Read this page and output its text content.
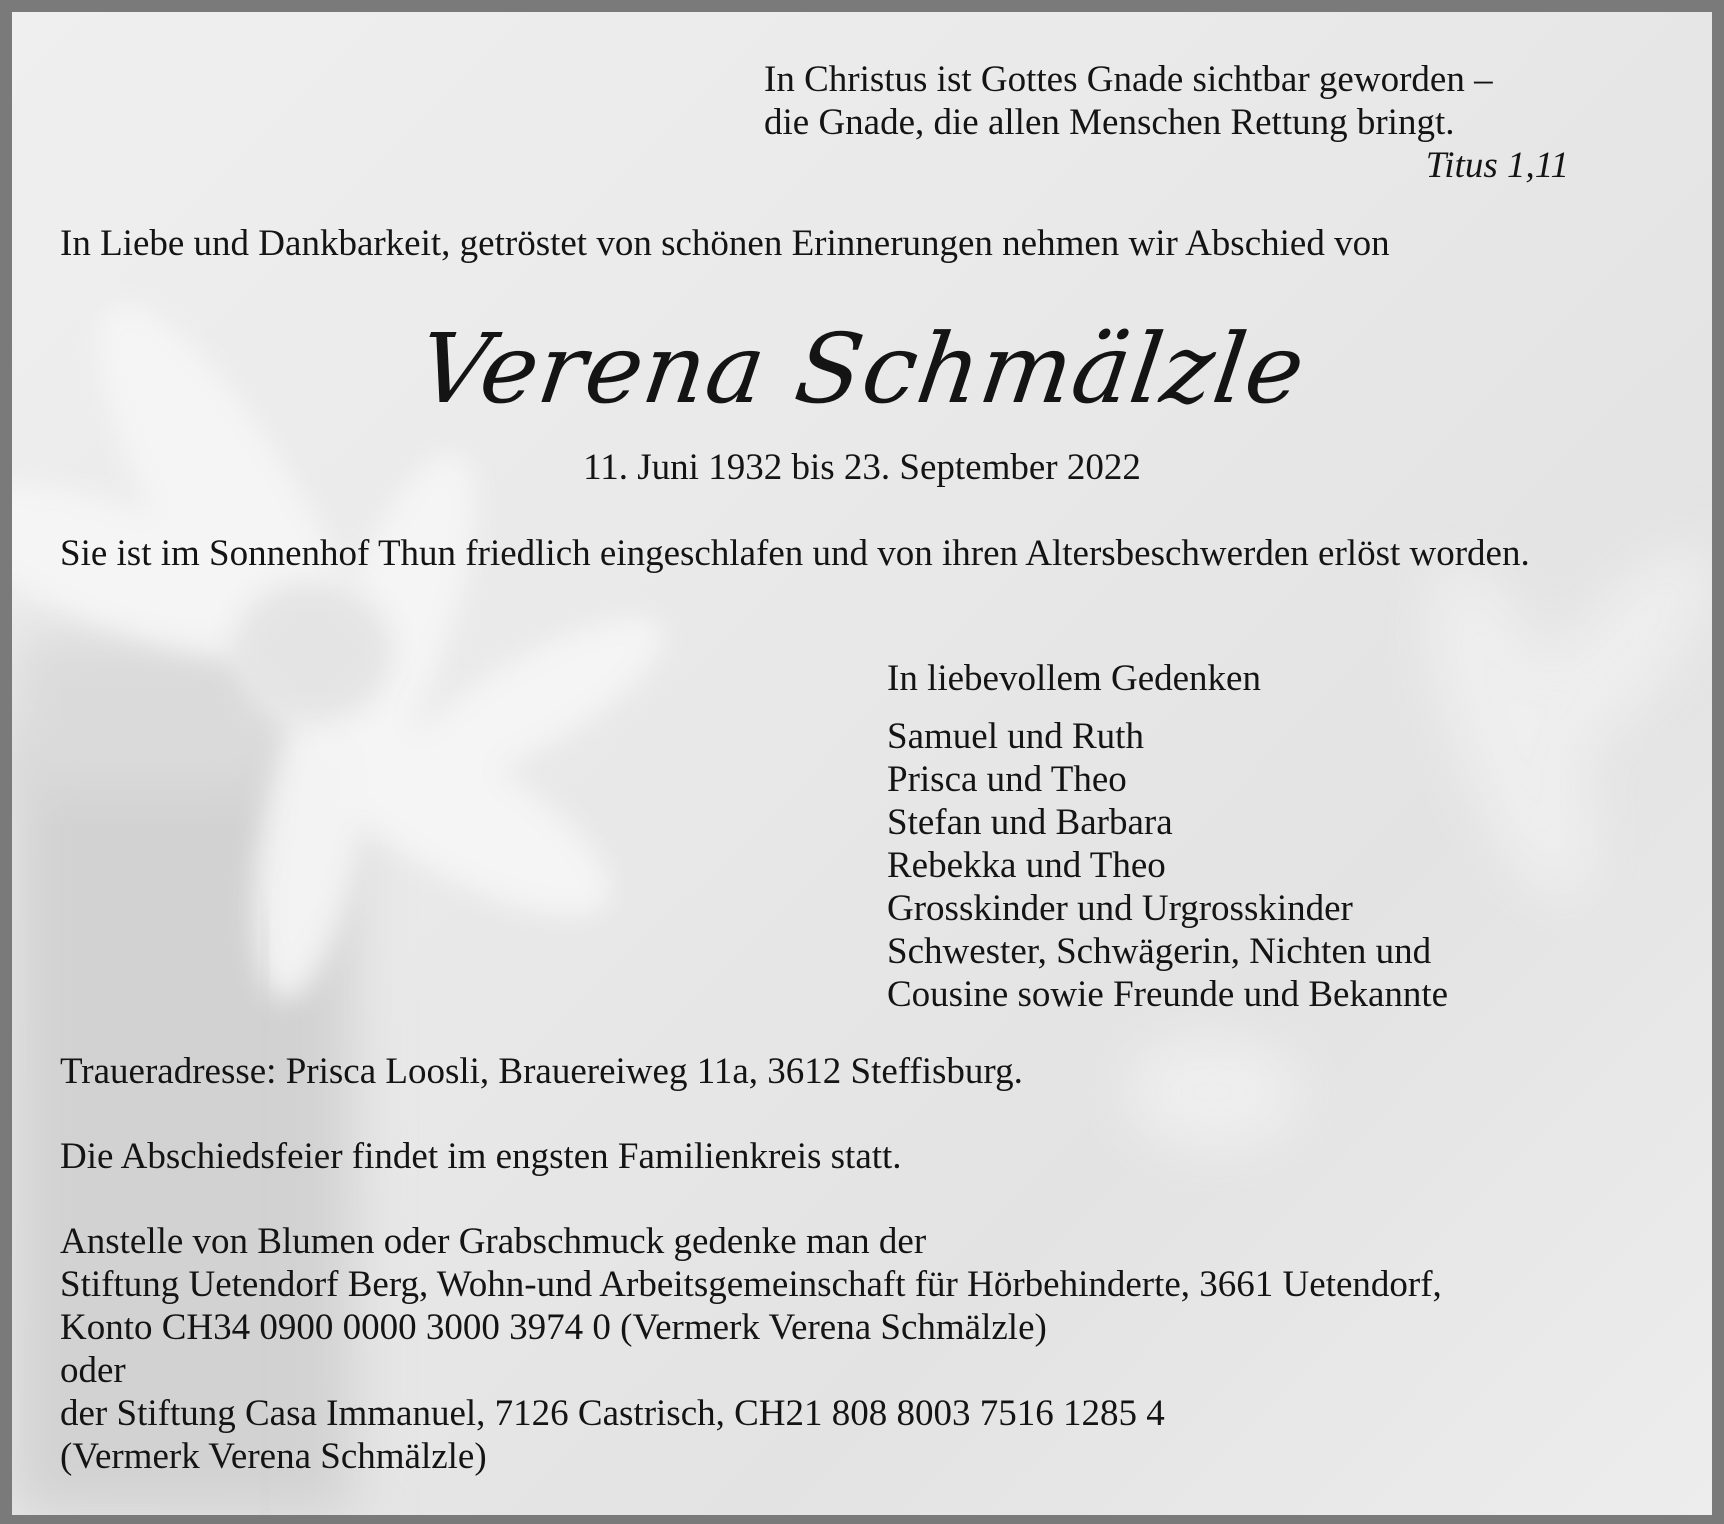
In Christus ist Gottes Gnade sichtbar geworden –
die Gnade, die allen Menschen Rettung bringt.
Titus 1,11
In Liebe und Dankbarkeit, getröstet von schönen Erinnerungen nehmen wir Abschied von
Verena Schmälzle
11. Juni 1932 bis 23. September 2022
Sie ist im Sonnenhof Thun friedlich eingeschlafen und von ihren Altersbeschwerden erlöst worden.
In liebevollem Gedenken
Samuel und Ruth
Prisca und Theo
Stefan und Barbara
Rebekka und Theo
Grosskinder und Urgrosskinder
Schwester, Schwägerin, Nichten und
Cousine sowie Freunde und Bekannte
Traueradresse: Prisca Loosli, Brauereiweg 11a, 3612 Steffisburg.
Die Abschiedsfeier findet im engsten Familienkreis statt.
Anstelle von Blumen oder Grabschmuck gedenke man der
Stiftung Uetendorf Berg, Wohn-und Arbeitsgemeinschaft für Hörbehinderte, 3661 Uetendorf,
Konto CH34 0900 0000 3000 3974 0 (Vermerk Verena Schmälzle)
oder
der Stiftung Casa Immanuel, 7126 Castrisch, CH21 808 8003 7516 1285 4
(Vermerk Verena Schmälzle)
